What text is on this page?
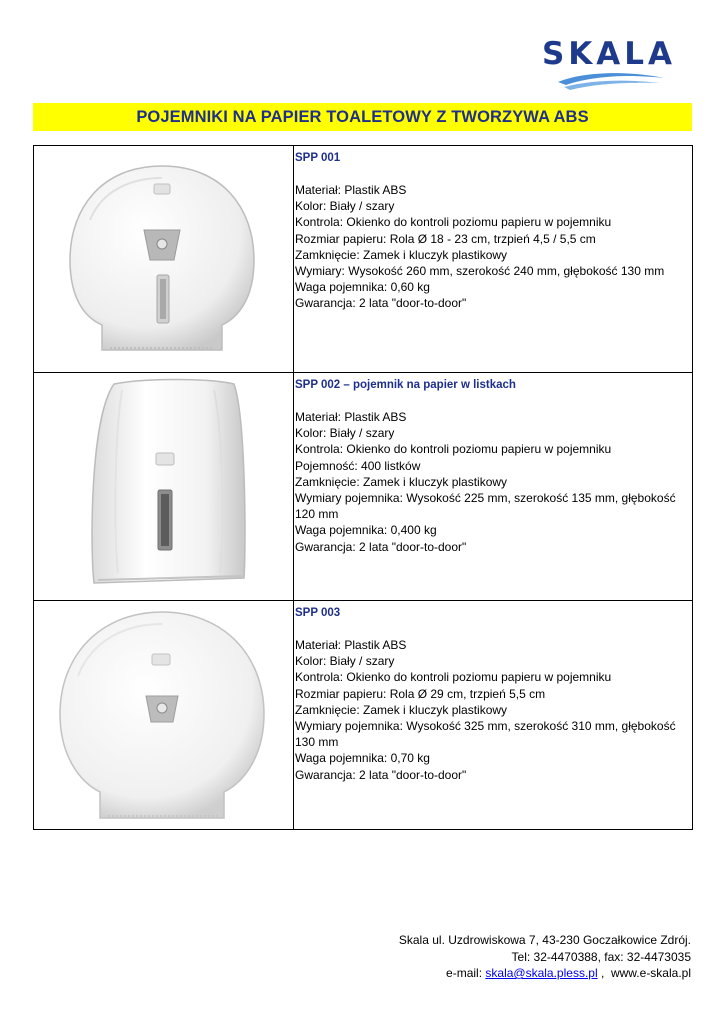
SKALA
POJEMNIKI NA PAPIER TOALETOWY Z TWORZYWA ABS
SPP 001
Materiał: Plastik ABS
Kolor: Biały / szary
Kontrola: Okienko do kontroli poziomu papieru w pojemniku
Rozmiar papieru: Rola Ø 18 - 23 cm, trzpień 4,5 / 5,5 cm
Zamknięcie: Zamek i kluczyk plastikowy
Wymiary: Wysokość 260 mm, szerokość 240 mm, głębokość 130 mm
Waga pojemnika: 0,60 kg
Gwarancja: 2 lata "door-to-door"
SPP 002 – pojemnik na papier w listkach
Materiał: Plastik ABS
Kolor: Biały / szary
Kontrola: Okienko do kontroli poziomu papieru w pojemniku
Pojemność: 400 listków
Zamknięcie: Zamek i kluczyk plastikowy
Wymiary pojemnika: Wysokość 225 mm, szerokość 135 mm, głębokość 120 mm
Waga pojemnika: 0,400 kg
Gwarancja: 2 lata "door-to-door"
SPP 003
Materiał: Plastik ABS
Kolor: Biały / szary
Kontrola: Okienko do kontroli poziomu papieru w pojemniku
Rozmiar papieru: Rola Ø 29 cm, trzpień 5,5 cm
Zamknięcie: Zamek i kluczyk plastikowy
Wymiary pojemnika: Wysokość 325 mm, szerokość 310 mm, głębokość 130 mm
Waga pojemnika: 0,70 kg
Gwarancja: 2 lata "door-to-door"
Skala ul. Uzdrowiskowa 7, 43-230 Goczałkowice Zdrój.
Tel: 32-4470388, fax: 32-4473035
e-mail: skala@skala.pless.pl ,  www.e-skala.pl
